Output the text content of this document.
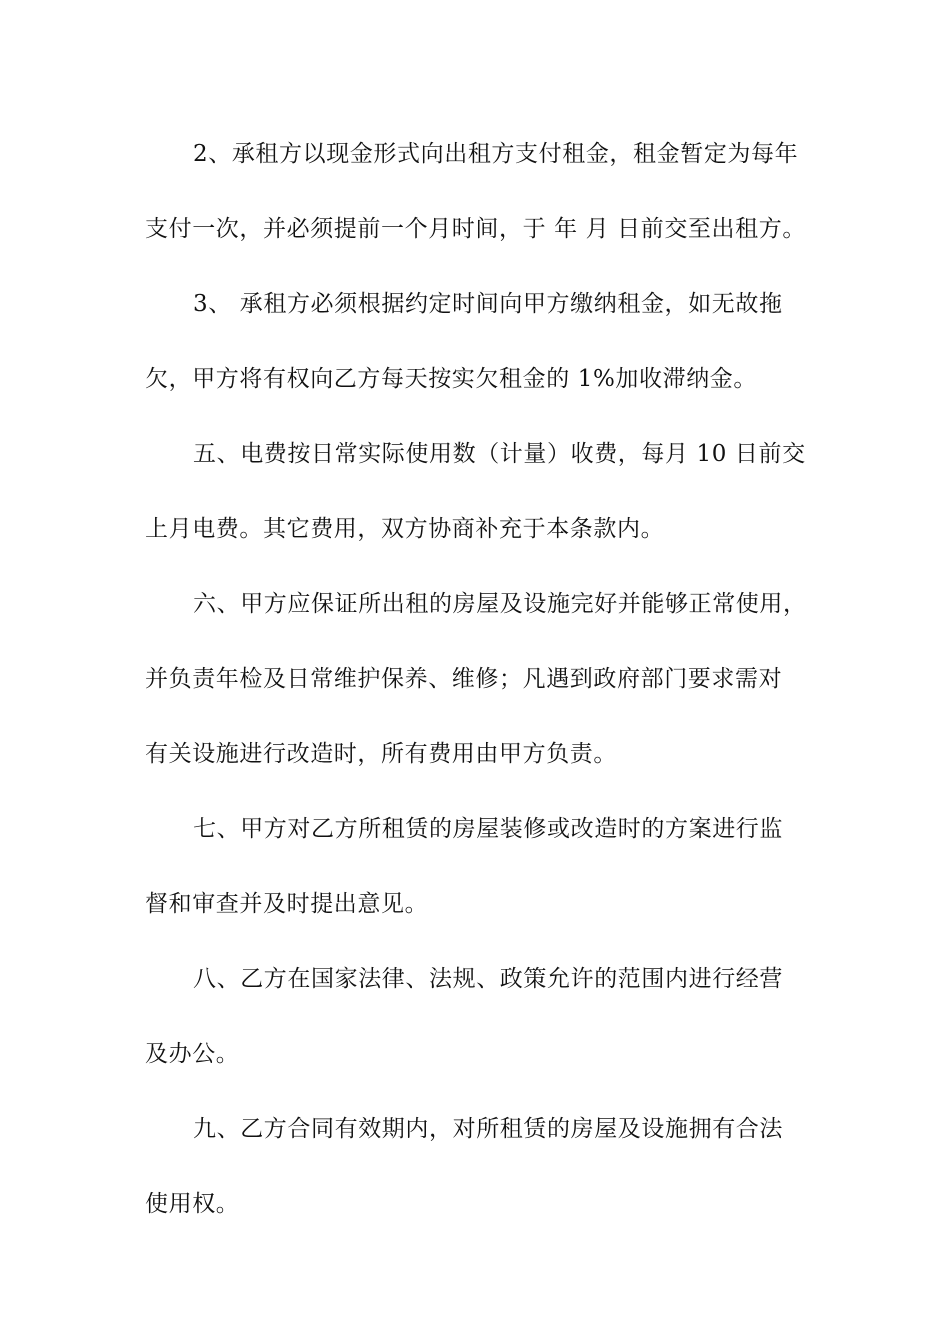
2、承租方以现金形式向出租方支付租金，租金暂定为每年
支付一次，并必须提前一个月时间，于 年 月 日前交至出租方。
3、 承租方必须根据约定时间向甲方缴纳租金，如无故拖
欠，甲方将有权向乙方每天按实欠租金的 1%加收滞纳金。
五、电费按日常实际使用数（计量）收费，每月 10 日前交
上月电费。其它费用，双方协商补充于本条款内。
六、甲方应保证所出租的房屋及设施完好并能够正常使用，
并负责年检及日常维护保养、维修；凡遇到政府部门要求需对
有关设施进行改造时，所有费用由甲方负责。
七、甲方对乙方所租赁的房屋装修或改造时的方案进行监
督和审查并及时提出意见。
八、乙方在国家法律、法规、政策允许的范围内进行经营
及办公。
九、乙方合同有效期内，对所租赁的房屋及设施拥有合法
使用权。
